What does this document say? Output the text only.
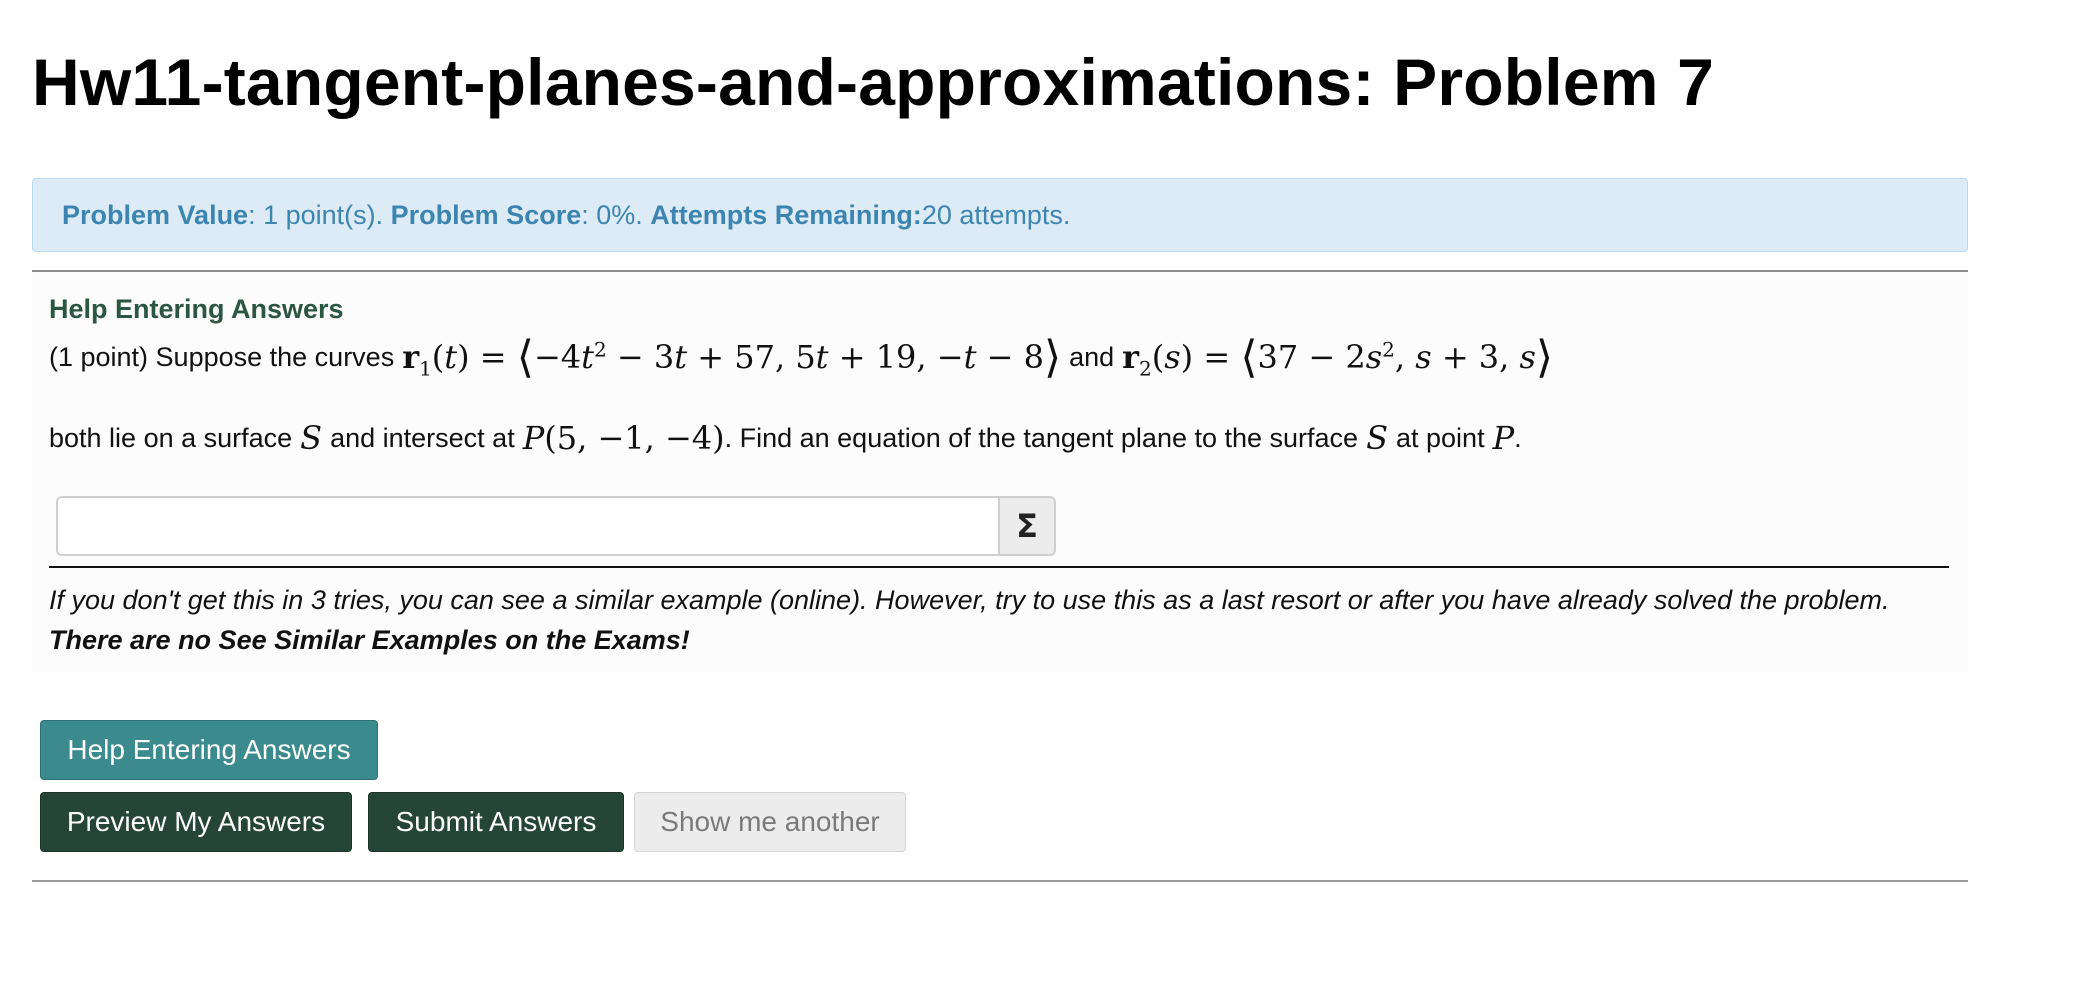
Hw11-tangent-planes-and-approximations: Problem 7
Problem Value : 1 point(s).
Problem Score : 0%.
Attempts Remaining: 20 attempts.
Help Entering Answers
(1 point) Suppose the curves $r_1(t)$ = $⟨-4t^2 - 3t + 57$, 5t + 19, −t − 8⟩ and $r_2(s)$ = ⟨37 − $2s^2$, s + 3, s⟩
both lie on a surface S and intersect at P(5, −1, −4) . Find an equation of the tangent plane to the surface S at point P .
Σ
If you don't get this in 3 tries, you can see a similar example (online). However, try to use this as a last resort or after you have already solved the problem. There are no See Similar Examples on the Exams!
Help Entering Answers
Preview My Answers	Submit Answers	Show me another
